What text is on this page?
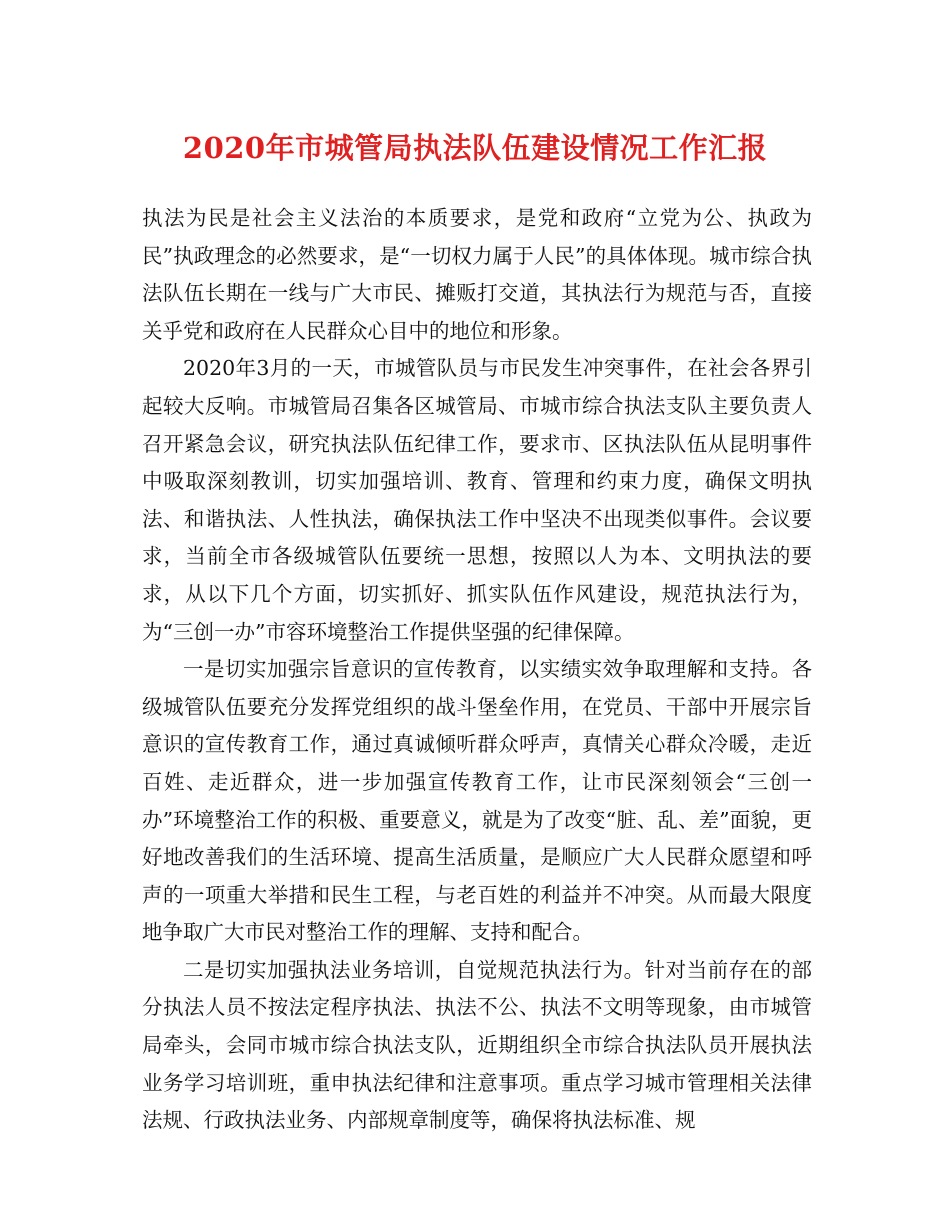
2020年市城管局执法队伍建设情况工作汇报

执法为民是社会主义法治的本质要求，是党和政府“立党为公、执政为民”执政理念的必然要求，是“一切权力属于人民”的具体体现。城市综合执法队伍长期在一线与广大市民、摊贩打交道，其执法行为规范与否，直接关乎党和政府在人民群众心目中的地位和形象。

2020年3月的一天，市城管队员与市民发生冲突事件，在社会各界引起较大反响。市城管局召集各区城管局、市城市综合执法支队主要负责人召开紧急会议，研究执法队伍纪律工作，要求市、区执法队伍从昆明事件中吸取深刻教训，切实加强培训、教育、管理和约束力度，确保文明执法、和谐执法、人性执法，确保执法工作中坚决不出现类似事件。会议要求，当前全市各级城管队伍要统一思想，按照以人为本、文明执法的要求，从以下几个方面，切实抓好、抓实队伍作风建设，规范执法行为，为“三创一办”市容环境整治工作提供坚强的纪律保障。

一是切实加强宗旨意识的宣传教育，以实绩实效争取理解和支持。各级城管队伍要充分发挥党组织的战斗堡垒作用，在党员、干部中开展宗旨意识的宣传教育工作，通过真诚倾听群众呼声，真情关心群众冷暖，走近百姓、走近群众，进一步加强宣传教育工作，让市民深刻领会“三创一办”环境整治工作的积极、重要意义，就是为了改变“脏、乱、差”面貌，更好地改善我们的生活环境、提高生活质量，是顺应广大人民群众愿望和呼声的一项重大举措和民生工程，与老百姓的利益并不冲突。从而最大限度地争取广大市民对整治工作的理解、支持和配合。

二是切实加强执法业务培训，自觉规范执法行为。针对当前存在的部分执法人员不按法定程序执法、执法不公、执法不文明等现象，由市城管局牵头，会同市城市综合执法支队，近期组织全市综合执法队员开展执法业务学习培训班，重申执法纪律和注意事项。重点学习城市管理相关法律法规、行政执法业务、内部规章制度等，确保将执法标准、规
